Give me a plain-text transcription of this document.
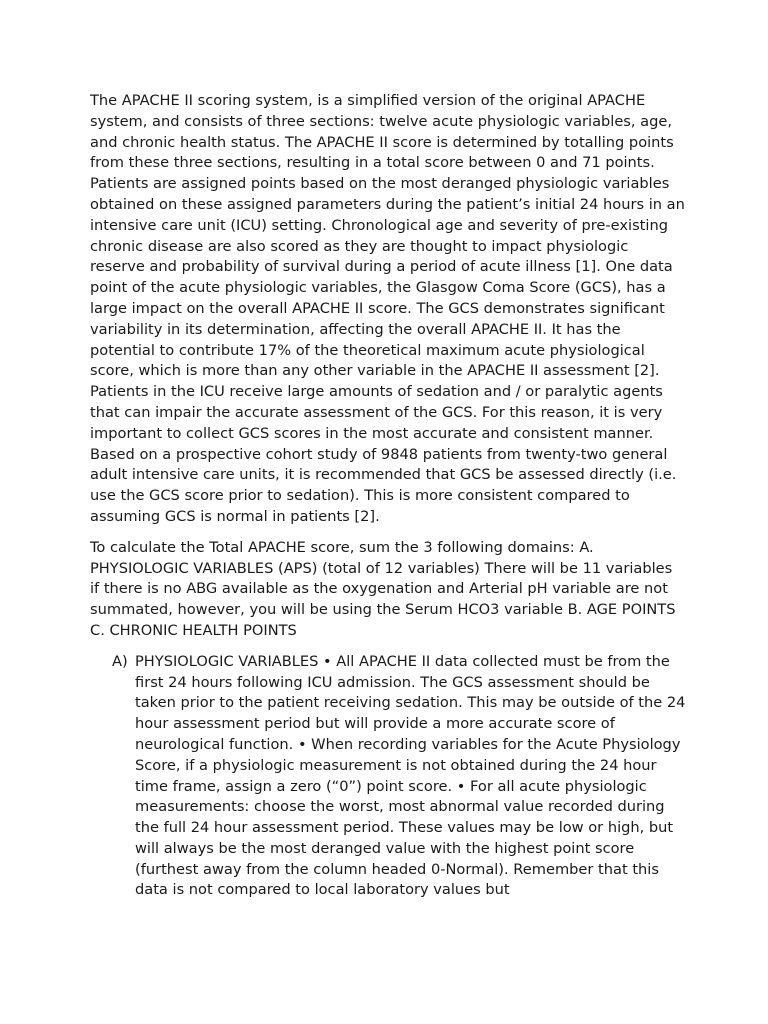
The APACHE II scoring system, is a simplified version of the original APACHE system, and consists of three sections: twelve acute physiologic variables, age, and chronic health status. The APACHE II score is determined by totalling points from these three sections, resulting in a total score between 0 and 71 points. Patients are assigned points based on the most deranged physiologic variables obtained on these assigned parameters during the patient’s initial 24 hours in an intensive care unit (ICU) setting. Chronological age and severity of pre-existing chronic disease are also scored as they are thought to impact physiologic reserve and probability of survival during a period of acute illness [1]. One data point of the acute physiologic variables, the Glasgow Coma Score (GCS), has a large impact on the overall APACHE II score. The GCS demonstrates significant variability in its determination, affecting the overall APACHE II. It has the potential to contribute 17% of the theoretical maximum acute physiological score, which is more than any other variable in the APACHE II assessment [2]. Patients in the ICU receive large amounts of sedation and / or paralytic agents that can impair the accurate assessment of the GCS. For this reason, it is very important to collect GCS scores in the most accurate and consistent manner. Based on a prospective cohort study of 9848 patients from twenty-two general adult intensive care units, it is recommended that GCS be assessed directly (i.e. use the GCS score prior to sedation). This is more consistent compared to assuming GCS is normal in patients [2].

To calculate the Total APACHE score, sum the 3 following domains: A. PHYSIOLOGIC VARIABLES (APS) (total of 12 variables) There will be 11 variables if there is no ABG available as the oxygenation and Arterial pH variable are not summated, however, you will be using the Serum HCO3 variable B. AGE POINTS C. CHRONIC HEALTH POINTS

A) PHYSIOLOGIC VARIABLES • All APACHE II data collected must be from the first 24 hours following ICU admission. The GCS assessment should be taken prior to the patient receiving sedation. This may be outside of the 24 hour assessment period but will provide a more accurate score of neurological function. • When recording variables for the Acute Physiology Score, if a physiologic measurement is not obtained during the 24 hour time frame, assign a zero (“0”) point score. • For all acute physiologic measurements: choose the worst, most abnormal value recorded during the full 24 hour assessment period. These values may be low or high, but will always be the most deranged value with the highest point score (furthest away from the column headed 0-Normal). Remember that this data is not compared to local laboratory values but
